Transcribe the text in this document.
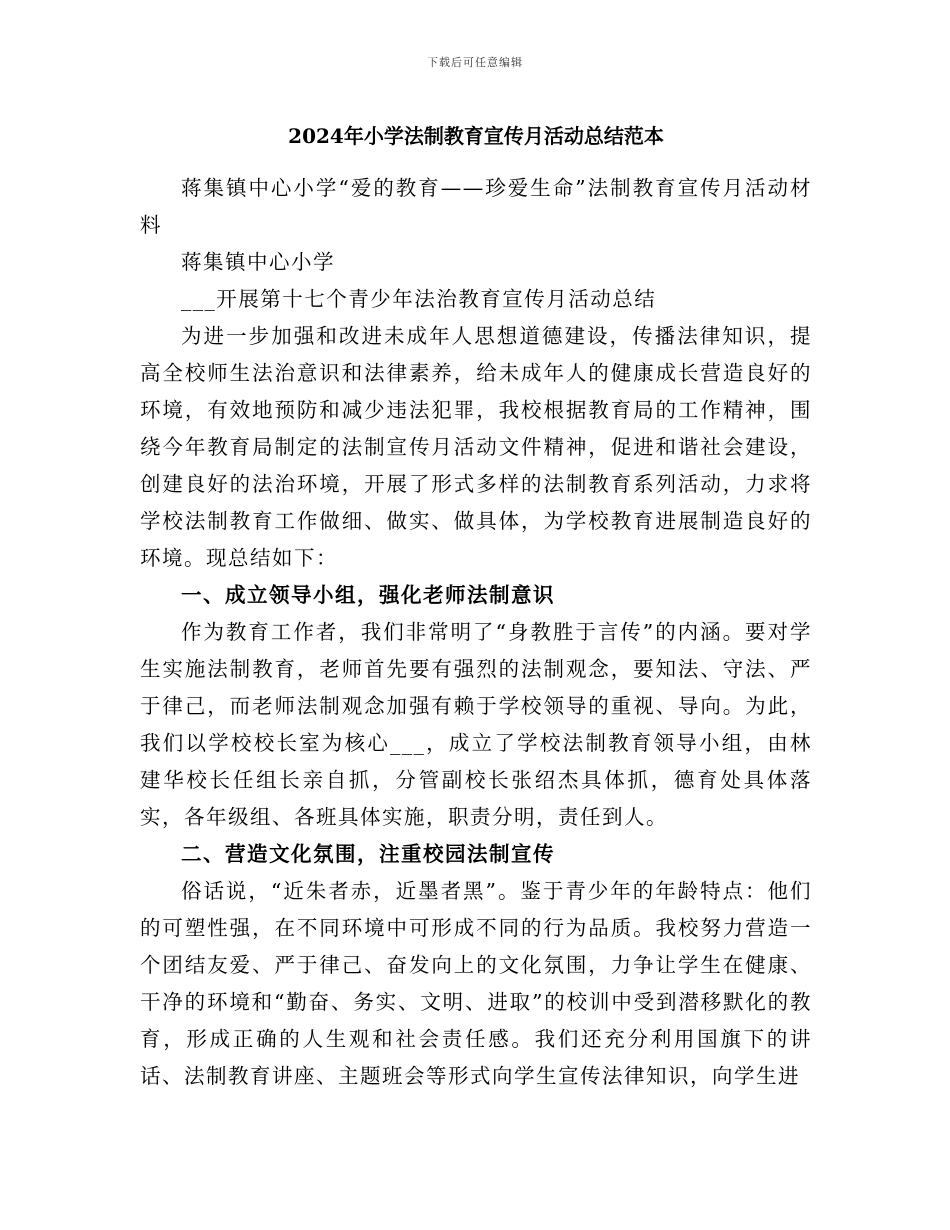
下载后可任意编辑
2024年小学法制教育宣传月活动总结范本

蒋集镇中心小学“爱的教育——珍爱生命”法制教育宣传月活动材料

蒋集镇中心小学

___开展第十七个青少年法治教育宣传月活动总结

为进一步加强和改进未成年人思想道德建设，传播法律知识，提高全校师生法治意识和法律素养，给未成年人的健康成长营造良好的环境，有效地预防和减少违法犯罪，我校根据教育局的工作精神，围绕今年教育局制定的法制宣传月活动文件精神，促进和谐社会建设，创建良好的法治环境，开展了形式多样的法制教育系列活动，力求将学校法制教育工作做细、做实、做具体，为学校教育进展制造良好的环境。现总结如下：

一、成立领导小组，强化老师法制意识

作为教育工作者，我们非常明了“身教胜于言传”的内涵。要对学生实施法制教育，老师首先要有强烈的法制观念，要知法、守法、严于律己，而老师法制观念加强有赖于学校领导的重视、导向。为此，我们以学校校长室为核心___，成立了学校法制教育领导小组，由林建华校长任组长亲自抓，分管副校长张绍杰具体抓，德育处具体落实，各年级组、各班具体实施，职责分明，责任到人。

二、营造文化氛围，注重校园法制宣传

俗话说，“近朱者赤，近墨者黑”。鉴于青少年的年龄特点：他们的可塑性强，在不同环境中可形成不同的行为品质。我校努力营造一个团结友爱、严于律己、奋发向上的文化氛围，力争让学生在健康、干净的环境和“勤奋、务实、文明、进取”的校训中受到潜移默化的教育，形成正确的人生观和社会责任感。我们还充分利用国旗下的讲话、法制教育讲座、主题班会等形式向学生宣传法律知识，向学生进
